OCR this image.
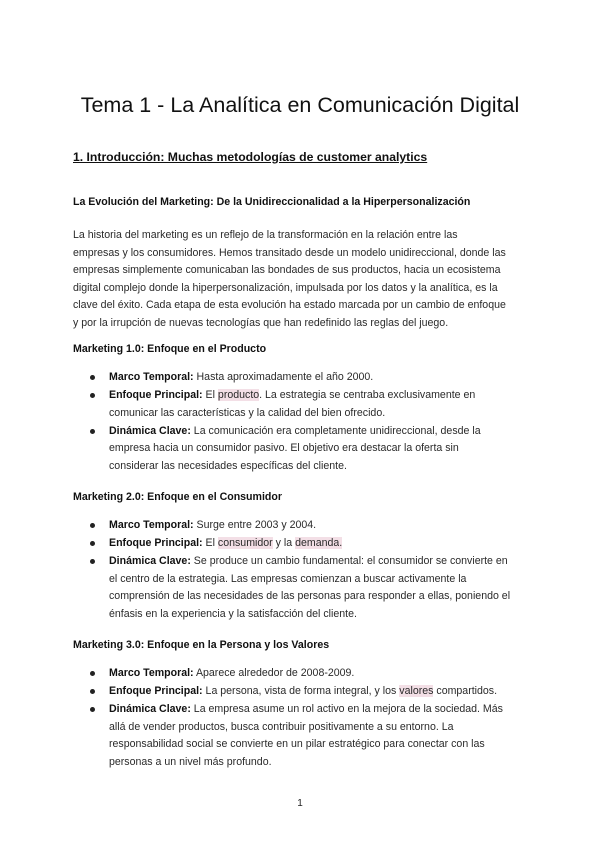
Tema 1 - La Analítica en Comunicación Digital
1. Introducción: Muchas metodologías de customer analytics
La Evolución del Marketing: De la Unidireccionalidad a la Hiperpersonalización
La historia del marketing es un reflejo de la transformación en la relación entre las
empresas y los consumidores. Hemos transitado desde un modelo unidireccional, donde las
empresas simplemente comunicaban las bondades de sus productos, hacia un ecosistema
digital complejo donde la hiperpersonalización, impulsada por los datos y la analítica, es la
clave del éxito. Cada etapa de esta evolución ha estado marcada por un cambio de enfoque
y por la irrupción de nuevas tecnologías que han redefinido las reglas del juego.
Marketing 1.0: Enfoque en el Producto
Marco Temporal: Hasta aproximadamente el año 2000.
Enfoque Principal: El producto. La estrategia se centraba exclusivamente en
comunicar las características y la calidad del bien ofrecido.
Dinámica Clave: La comunicación era completamente unidireccional, desde la
empresa hacia un consumidor pasivo. El objetivo era destacar la oferta sin
considerar las necesidades específicas del cliente.
Marketing 2.0: Enfoque en el Consumidor
Marco Temporal: Surge entre 2003 y 2004.
Enfoque Principal: El consumidor y la demanda.
Dinámica Clave: Se produce un cambio fundamental: el consumidor se convierte en
el centro de la estrategia. Las empresas comienzan a buscar activamente la
comprensión de las necesidades de las personas para responder a ellas, poniendo el
énfasis en la experiencia y la satisfacción del cliente.
Marketing 3.0: Enfoque en la Persona y los Valores
Marco Temporal: Aparece alrededor de 2008-2009.
Enfoque Principal: La persona, vista de forma integral, y los valores compartidos.
Dinámica Clave: La empresa asume un rol activo en la mejora de la sociedad. Más
allá de vender productos, busca contribuir positivamente a su entorno. La
responsabilidad social se convierte en un pilar estratégico para conectar con las
personas a un nivel más profundo.
1
